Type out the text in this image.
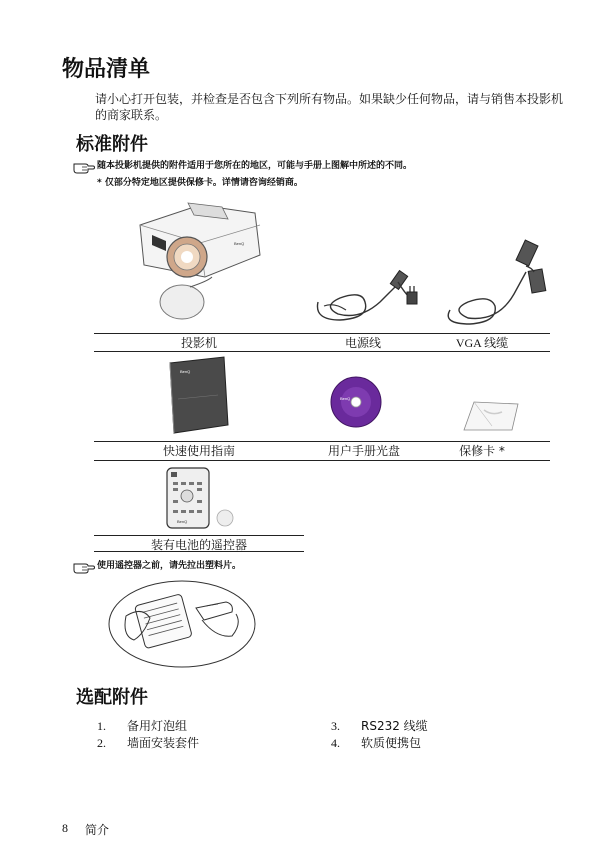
物品清单
请小心打开包装，并检查是否包含下列所有物品。如果缺少任何物品，请与销售本投影机的商家联系。
标准附件
随本投影机提供的附件适用于您所在的地区，可能与手册上图解中所述的不同。
* 仅部分特定地区提供保修卡。详情请咨询经销商。
BenQ
投影机	电源线	VGA 线缆
BenQ
BenQ
快速使用指南	用户手册光盘	保修卡 *
BenQ
装有电池的遥控器
使用遥控器之前，请先拉出塑料片。
选配附件
1. 备用灯泡组
2. 墙面安装套件
3. RS232 线缆
4. 软质便携包
8 简介
